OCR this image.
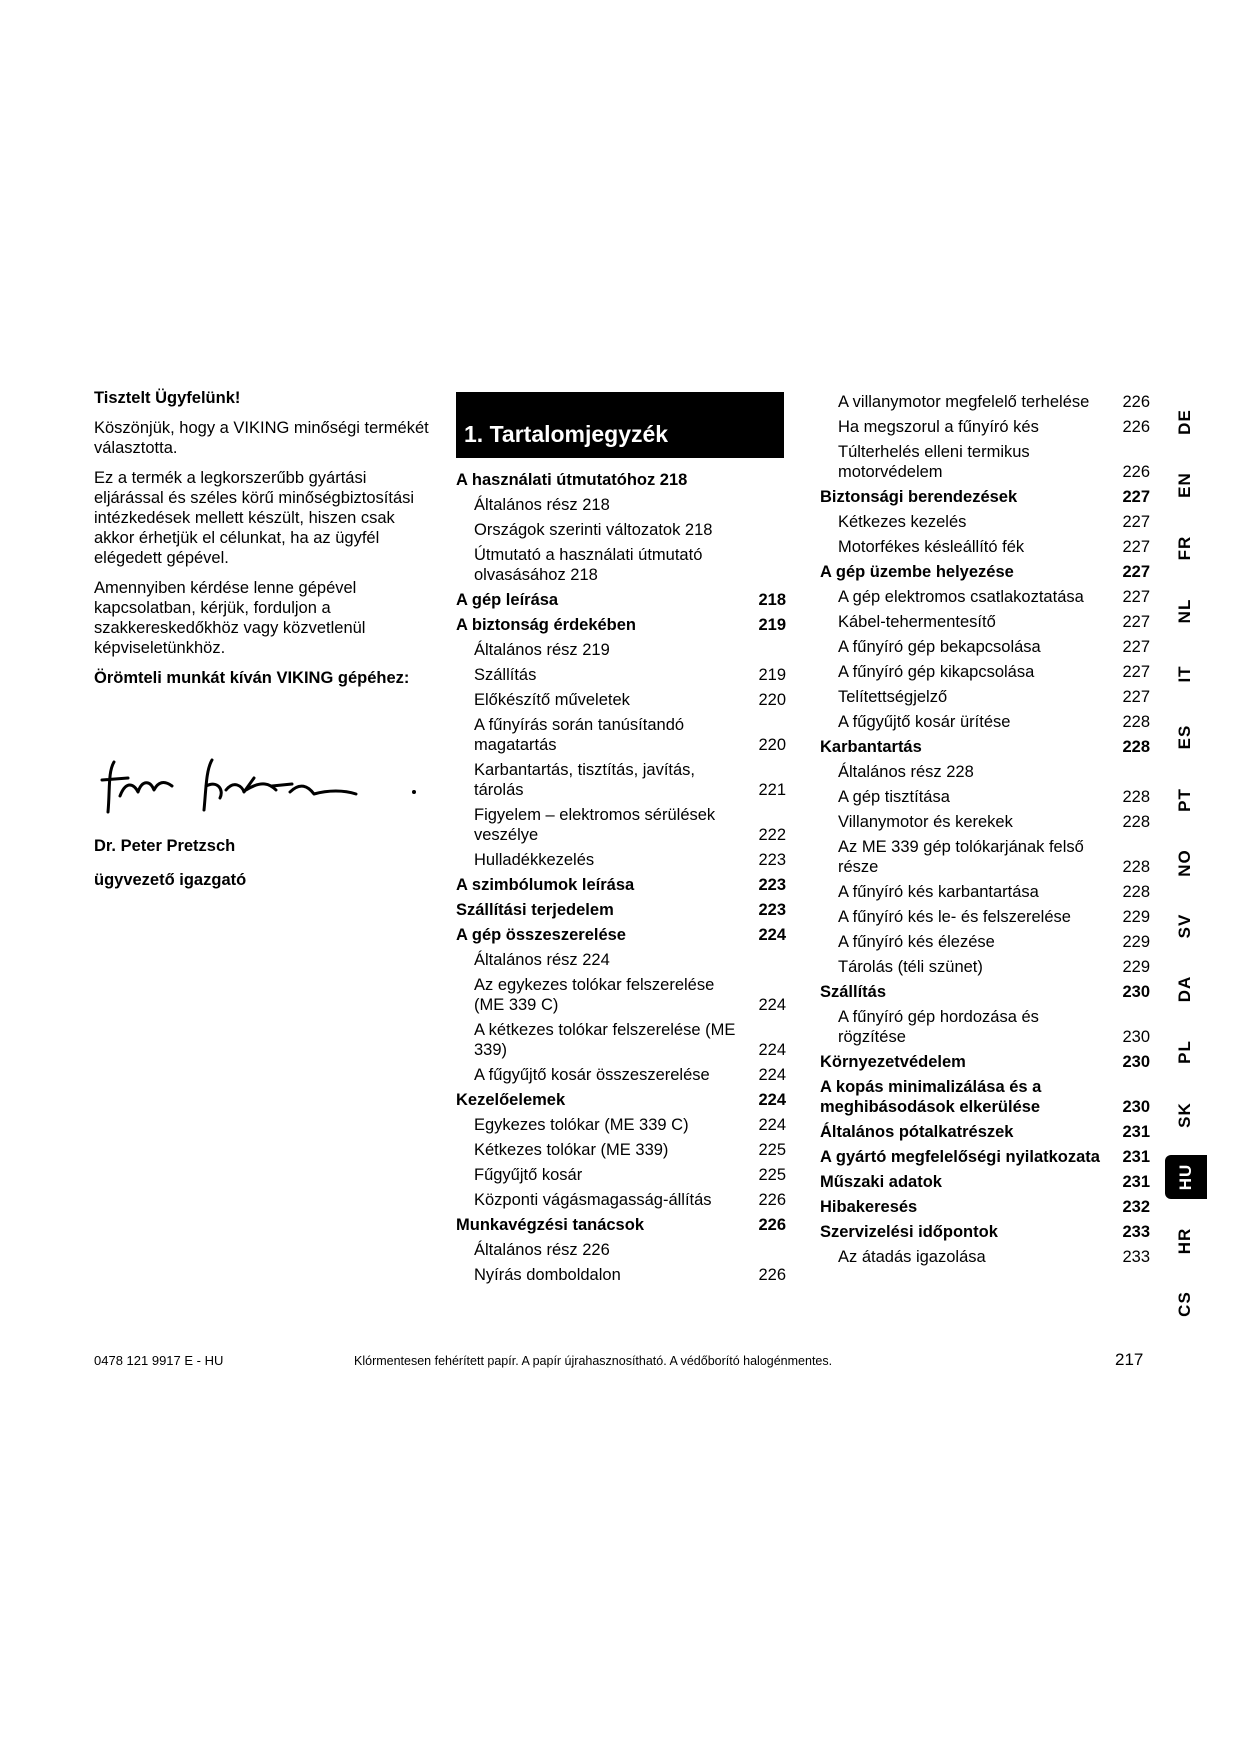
Tisztelt Ügyfelünk!

Köszönjük, hogy a VIKING minőségi termékét választotta.

Ez a termék a legkorszerűbb gyártási eljárással és széles körű minőségbiztosítási intézkedések mellett készült, hiszen csak akkor érhetjük el célunkat, ha az ügyfél elégedett gépével.

Amennyiben kérdése lenne gépével kapcsolatban, kérjük, forduljon a szakkereskedőkhöz vagy közvetlenül képviseletünkhöz.

Örömteli munkát kíván VIKING gépéhez:

Dr. Peter Pretzsch
ügyvezető igazgató
1. Tartalomjegyzék
A használati útmutatóhoz 218
Általános rész 218
Országok szerinti változatok 218
Útmutató a használati útmutató olvasásához 218
A gép leírása	218
A biztonság érdekében	219
Általános rész 219
Szállítás	219
Előkészítő műveletek	220
A fűnyírás során tanúsítandó magatartás	220
Karbantartás, tisztítás, javítás, tárolás	221
Figyelem – elektromos sérülések veszélye	222
Hulladékkezelés	223
A szimbólumok leírása	223
Szállítási terjedelem	223
A gép összeszerelése	224
Általános rész 224
Az egykezes tolókar felszerelése (ME 339 C)	224
A kétkezes tolókar felszerelése (ME 339)	224
A fűgyűjtő kosár összeszerelése	224
Kezelőelemek	224
Egykezes tolókar (ME 339 C)	224
Kétkezes tolókar (ME 339)	225
Fűgyűjtő kosár	225
Központi vágásmagasság-állítás	226
Munkavégzési tanácsok	226
Általános rész 226
Nyírás domboldalon	226
A villanymotor megfelelő terhelése	226
Ha megszorul a fűnyíró kés	226
Túlterhelés elleni termikus motorvédelem	226
Biztonsági berendezések	227
Kétkezes kezelés	227
Motorfékes késleállító fék	227
A gép üzembe helyezése	227
A gép elektromos csatlakoztatása	227
Kábel-tehermentesítő	227
A fűnyíró gép bekapcsolása	227
A fűnyíró gép kikapcsolása	227
Telítettségjelző	227
A fűgyűjtő kosár ürítése	228
Karbantartás	228
Általános rész 228
A gép tisztítása	228
Villanymotor és kerekek	228
Az ME 339 gép tolókarjának felső része	228
A fűnyíró kés karbantartása	228
A fűnyíró kés le- és felszerelése	229
A fűnyíró kés élezése	229
Tárolás (téli szünet)	229
Szállítás	230
A fűnyíró gép hordozása és rögzítése	230
Környezetvédelem	230
A kopás minimalizálása és a meghibásodások elkerülése	230
Általános pótalkatrészek	231
A gyártó megfelelőségi nyilatkozata	231
Műszaki adatok	231
Hibakeresés	232
Szervizelési időpontok	233
Az átadás igazolása	233
DE
EN
FR
NL
IT
ES
PT
NO
SV
DA
PL
SK
HU
HR
CS
0478 121 9917 E - HU	Klórmentesen fehérített papír. A papír újrahasznosítható. A védőborító halogénmentes.	217
